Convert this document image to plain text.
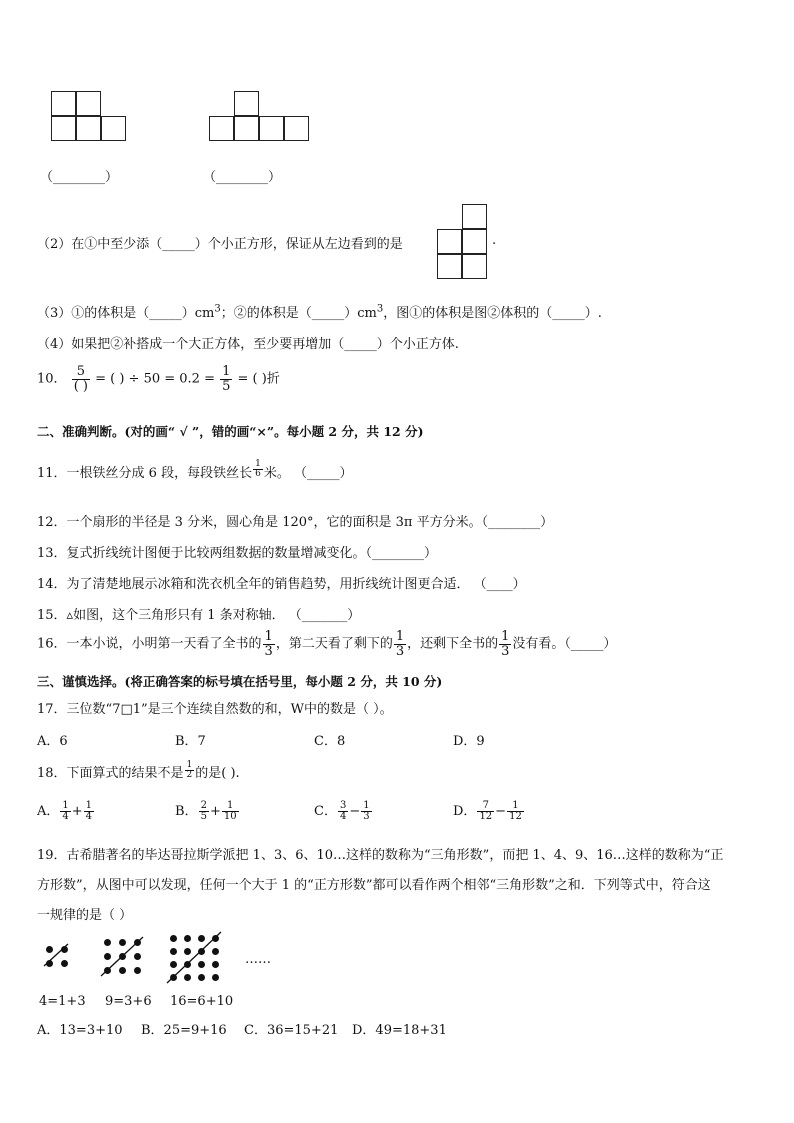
（________）	（________）
（2）在①中至少添（_____）个小正方形，保证从左边看到的是	.
（3）①的体积是$(\_\_\_\_\_)cm^3$；②的体积是$(\_\_\_\_\_)cm^3$，图①的体积是图②体积的（_____）.
（4）如果把②补搭成一个大正方体，至少要再增加（_____）个小正方体.
10． $\frac{5}{( )}$ = ( ) ÷ $50 = 0.2 = \frac{1}{5}$ = ( )折
二、准确判断。(对的画“ √ ”，错的画“×”。每小题 2 分，共 12 分)
11．一根铁丝分成 6 段，每段铁丝长 $\frac{1}{6}$ 米。 （_____）
12．一个扇形的半径是 3 分米，圆心角是 120°，它的面积是 3π 平方分米。（________）
13．复式折线统计图便于比较两组数据的数量增减变化。（________）
14．为了清楚地展示冰箱和洗衣机全年的销售趋势，用折线统计图更合适． （____）
15．▵如图，这个三角形只有 1 条对称轴． （_______）
16．一本小说，小明第一天看了全书的 $\frac{1}{3}$ ，第二天看了剩下的 $\frac{1}{3}$ ，还剩下全书的 $\frac{1}{3}$ 没有看。（_____）
三、谨慎选择。(将正确答案的标号填在括号里，每小题 2 分，共 10 分)
17．三位数“7□1”是三个连续自然数的和，W中的数是（ ）。
A．6	B．7	C．8	D．9
18．下面算式的结果不是 $\frac{1}{2}$ 的是( ).
A． $\frac{1}{4} + \frac{1}{4}$	B． $\frac{2}{5} + \frac{1}{10}$	C． $\frac{3}{4} - \frac{1}{3}$	D． $\frac{7}{12} - \frac{1}{12}$
19．古希腊著名的毕达哥拉斯学派把 1、3、6、10…这样的数称为“三角形数”，而把 1、4、9、16…这样的数称为“正
方形数”，从图中可以发现，任何一个大于 1 的“正方形数”都可以看作两个相邻“三角形数”之和．下列等式中，符合这
一规律的是（ ）
……
4=1+3 9=3+6 16=6+10
A．13=3+10 B．25=9+16 C．36=15+21 D．49=18+31
